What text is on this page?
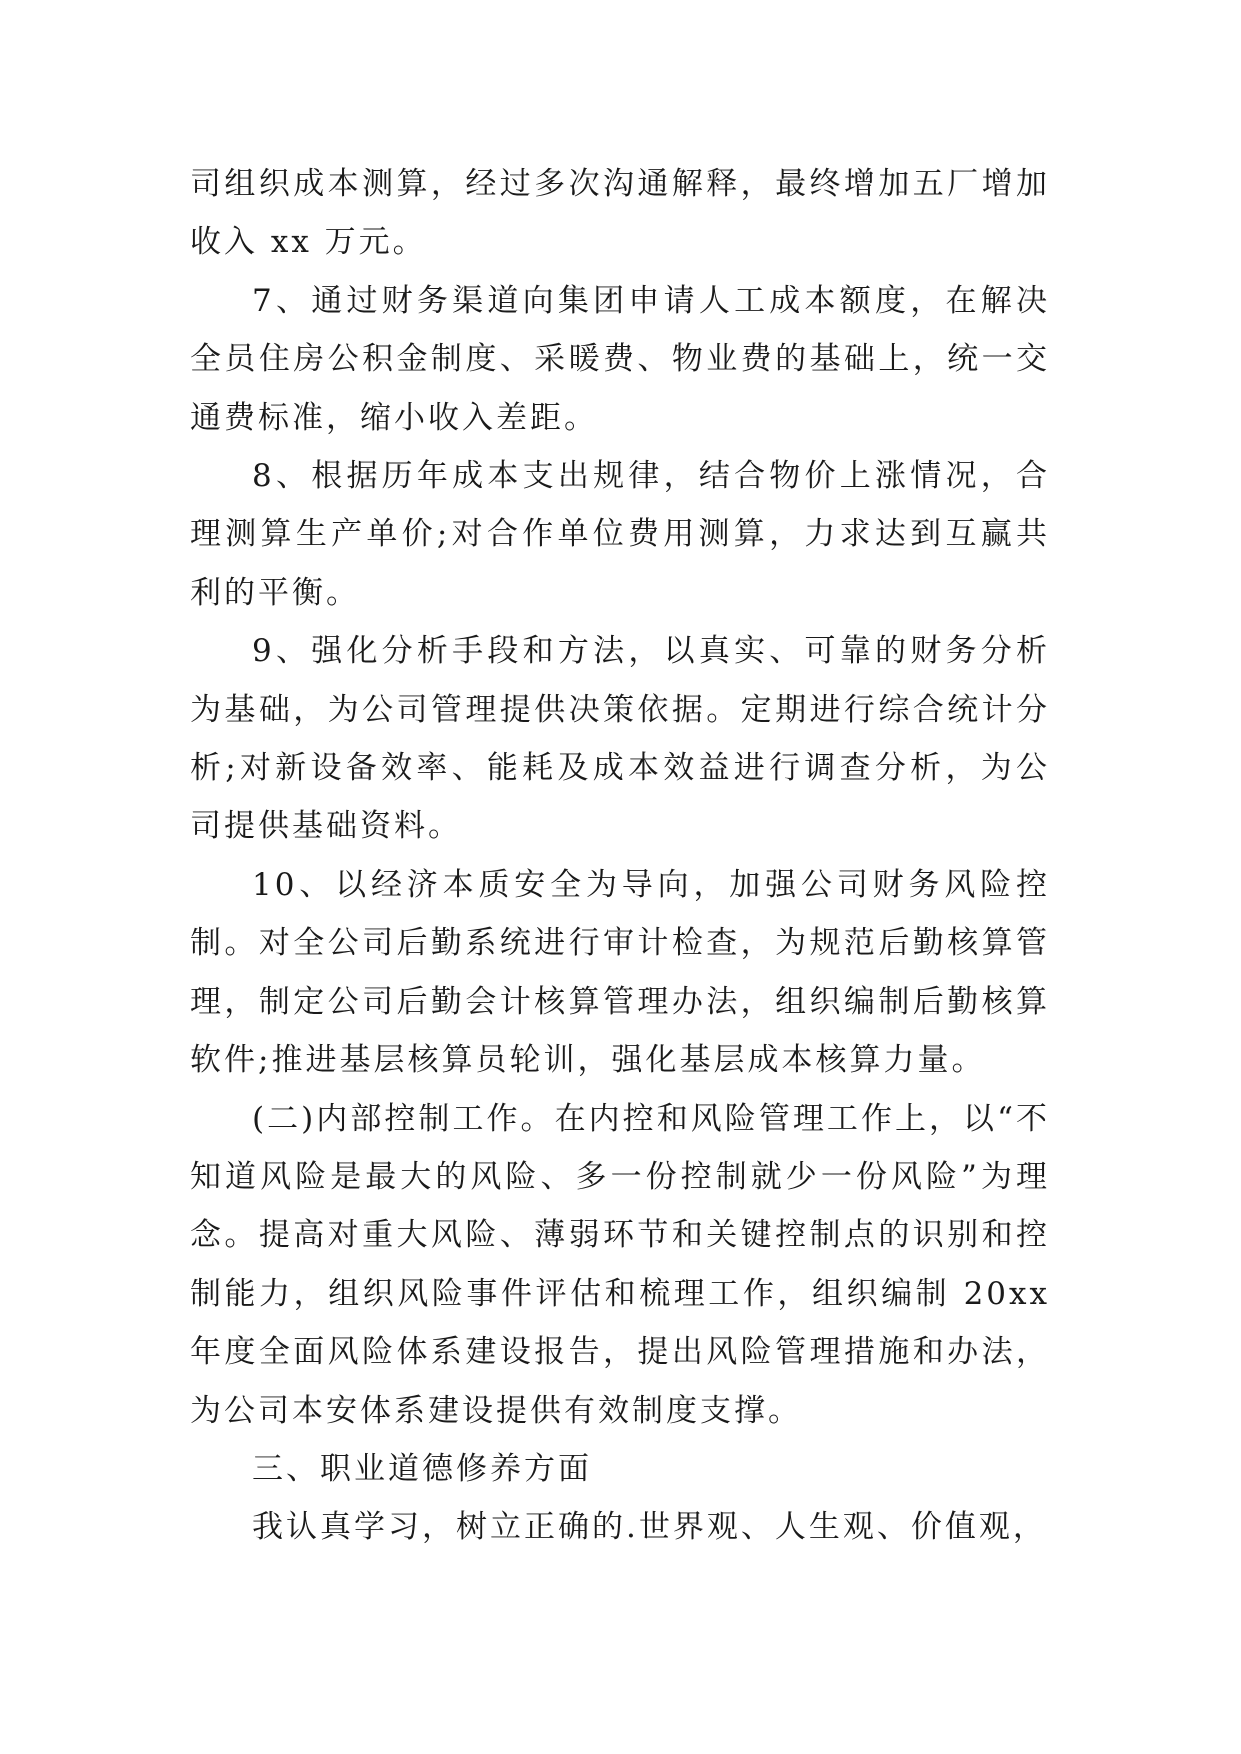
司组织成本测算，经过多次沟通解释，最终增加五厂增加收入 xx 万元。

7、通过财务渠道向集团申请人工成本额度，在解决全员住房公积金制度、采暖费、物业费的基础上，统一交通费标准，缩小收入差距。

8、根据历年成本支出规律，结合物价上涨情况，合理测算生产单价;对合作单位费用测算，力求达到互赢共利的平衡。

9、强化分析手段和方法，以真实、可靠的财务分析为基础，为公司管理提供决策依据。定期进行综合统计分析;对新设备效率、能耗及成本效益进行调查分析，为公司提供基础资料。

10、以经济本质安全为导向，加强公司财务风险控制。对全公司后勤系统进行审计检查，为规范后勤核算管理，制定公司后勤会计核算管理办法，组织编制后勤核算软件;推进基层核算员轮训，强化基层成本核算力量。

(二)内部控制工作。在内控和风险管理工作上，以“不知道风险是最大的风险、多一份控制就少一份风险”为理念。提高对重大风险、薄弱环节和关键控制点的识别和控制能力，组织风险事件评估和梳理工作，组织编制 20xx 年度全面风险体系建设报告，提出风险管理措施和办法，为公司本安体系建设提供有效制度支撑。

三、职业道德修养方面

我认真学习，树立正确的.世界观、人生观、价值观，
